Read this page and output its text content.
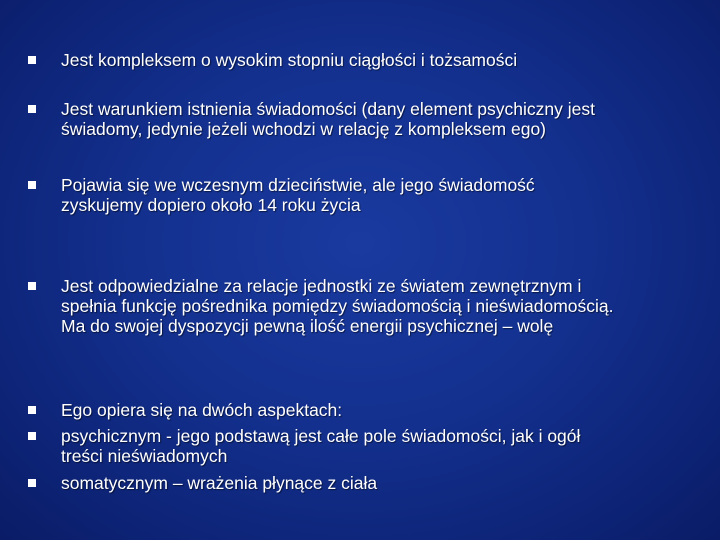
Jest kompleksem o wysokim stopniu ciągłości i tożsamości
Jest warunkiem istnienia świadomości (dany element psychiczny jest
świadomy, jedynie jeżeli wchodzi w relację z kompleksem ego)
Pojawia się we wczesnym dzieciństwie, ale jego świadomość
zyskujemy dopiero około 14 roku życia
Jest odpowiedzialne za relacje jednostki ze światem zewnętrznym i
spełnia funkcję pośrednika pomiędzy świadomością i nieświadomością.
Ma do swojej dyspozycji pewną ilość energii psychicznej – wolę
Ego opiera się na dwóch aspektach:
psychicznym - jego podstawą jest całe pole świadomości, jak i ogół
treści nieświadomych
somatycznym – wrażenia płynące z ciała
